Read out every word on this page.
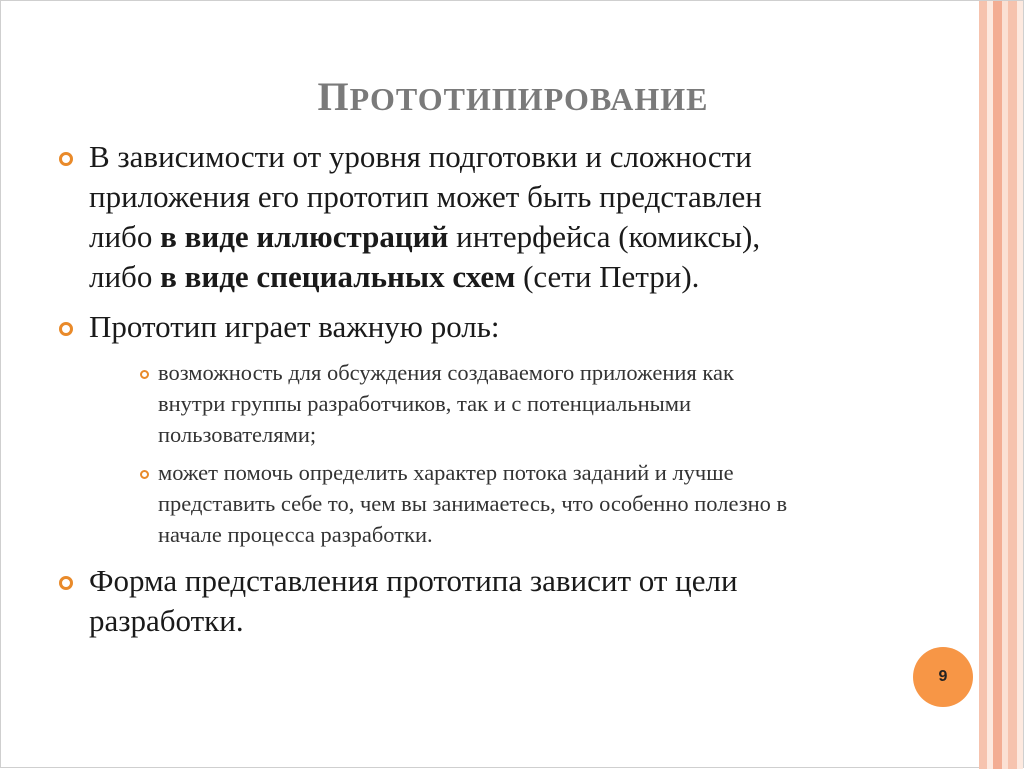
ПРОТОТИПИРОВАНИЕ
В зависимости от уровня подготовки и сложности
приложения его прототип может быть представлен
либо в виде иллюстраций интерфейса (комиксы),
либо в виде специальных схем (сети Петри).
Прототип играет важную роль:
возможность для обсуждения создаваемого приложения как
внутри группы разработчиков, так и с потенциальными
пользователями;
может помочь определить характер потока заданий и лучше
представить себе то, чем вы занимаетесь, что особенно полезно в
начале процесса разработки.
Форма представления прототипа зависит от цели
разработки.
9
